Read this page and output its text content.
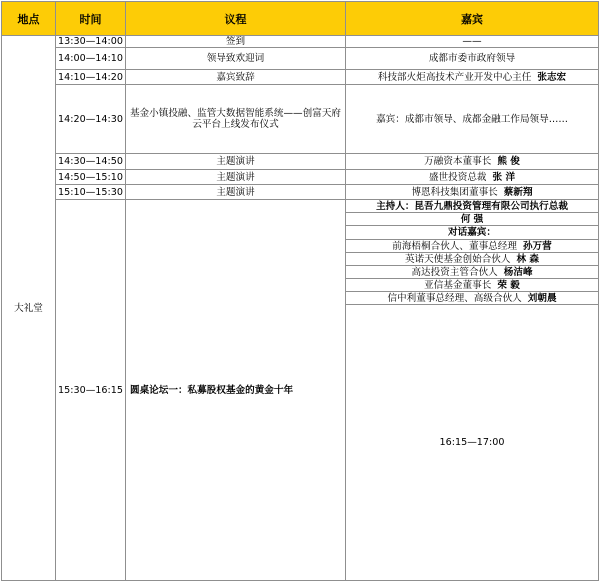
地点	时间	议程	嘉宾	
大礼堂	13:30—14:00	签到	——	
	14:00—14:10	领导致欢迎词	成都市委市政府领导	
	14:10—14:20	嘉宾致辞	科技部火炬高技术产业开发中心主任 张志宏	
	14:20—14:30	基金小镇投融、监管大数据智能系统——创富天府云平台上线发布仪式	嘉宾：成都市领导、成都金融工作局领导……	
	14:30—14:50	主题演讲	万融资本董事长 熊 俊	
	14:50—15:10	主题演讲	盛世投资总裁 张 洋	
	15:10—15:30	主题演讲	博恩科技集团董事长 蔡新翔	
	15:30—16:15	圆桌论坛一：私募股权基金的黄金十年	主持人：昆吾九鼎投资管理有限公司执行总裁	
			何 强	
			对话嘉宾：	
			前海梧桐合伙人、董事总经理 孙万营	
			英诺天使基金创始合伙人 林 森	
			高达投资主管合伙人 杨洁峰	
			亚信基金董事长 荣 毅	
			信中利董事总经理、高级合伙人 刘朝晨	
			16:15—17:00		
